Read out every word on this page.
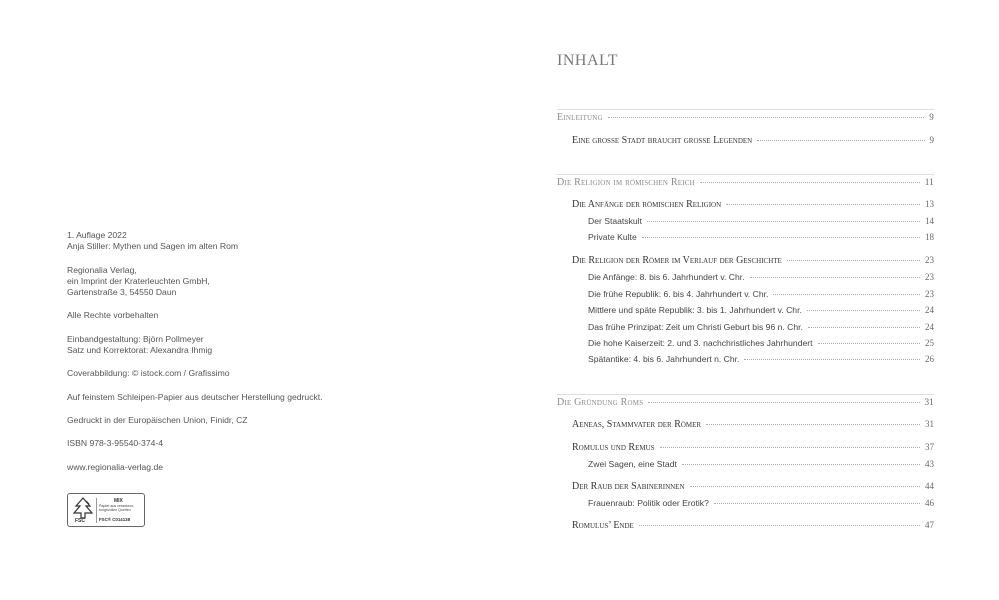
1. Auflage 2022
Anja Stiller: Mythen und Sagen im alten Rom
Regionalia Verlag,
ein Imprint der Kraterleuchten GmbH,
Gartenstraße 3, 54550 Daun
Alle Rechte vorbehalten
Einbandgestaltung: Björn Pollmeyer
Satz und Korrektorat: Alexandra Ihmig
Coverabbildung: © istock.com / Grafissimo
Auf feinstem Schleipen-Papier aus deutscher Herstellung gedruckt.
Gedruckt in der Europäischen Union, Finidr, CZ
ISBN 978-3-95540-374-4
www.regionalia-verlag.de
FSC
MIX
Papier aus verantwor-tungsvollen Quellen
FSC® C014138
INHALT
Einleitung	9
Eine große Stadt braucht große Legenden	9
Die Religion im römischen Reich	11
Die Anfänge der römischen Religion	13
Der Staatskult	14
Private Kulte	18
Die Religion der Römer im Verlauf der Geschichte	23
Die Anfänge: 8. bis 6. Jahrhundert v. Chr.	23
Die frühe Republik: 6. bis 4. Jahrhundert v. Chr.	23
Mittlere und späte Republik: 3. bis 1. Jahrhundert v. Chr.	24
Das frühe Prinzipat: Zeit um Christi Geburt bis 96 n. Chr.	24
Die hohe Kaiserzeit: 2. und 3. nachchristliches Jahrhundert	25
Spätantike: 4. bis 6. Jahrhundert n. Chr.	26
Die Gründung Roms	31
Aeneas, Stammvater der Römer	31
Romulus und Remus	37
Zwei Sagen, eine Stadt	43
Der Raub der Sabinerinnen	44
Frauenraub: Politik oder Erotik?	46
Romulus’ Ende	47
